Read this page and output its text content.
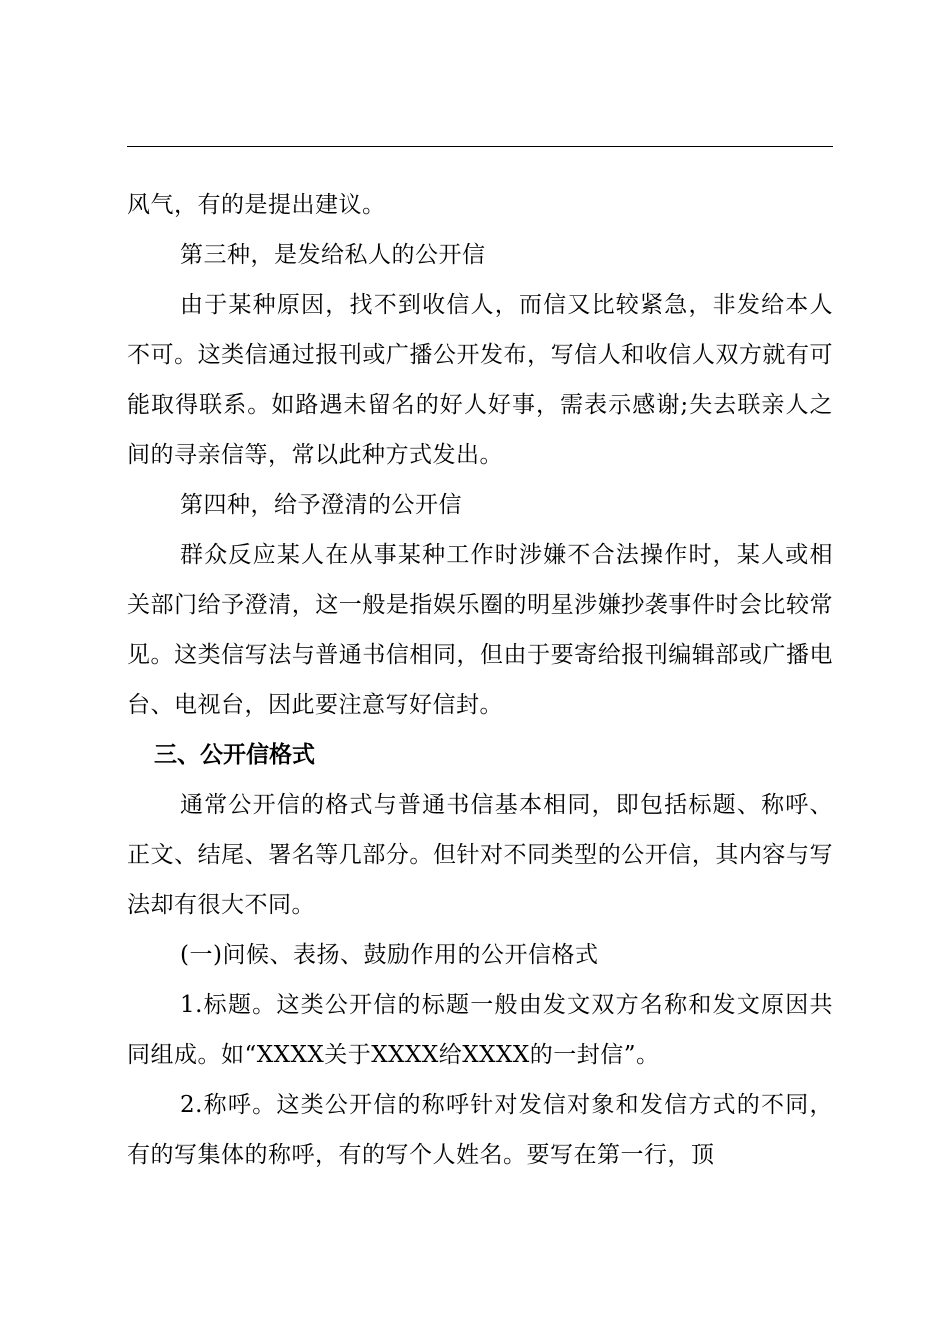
风气，有的是提出建议。

第三种，是发给私人的公开信

由于某种原因，找不到收信人，而信又比较紧急，非发给本人不可。这类信通过报刊或广播公开发布，写信人和收信人双方就有可能取得联系。如路遇未留名的好人好事，需表示感谢;失去联亲人之间的寻亲信等，常以此种方式发出。

第四种，给予澄清的公开信

群众反应某人在从事某种工作时涉嫌不合法操作时，某人或相关部门给予澄清，这一般是指娱乐圈的明星涉嫌抄袭事件时会比较常见。这类信写法与普通书信相同，但由于要寄给报刊编辑部或广播电台、电视台，因此要注意写好信封。

三、公开信格式

通常公开信的格式与普通书信基本相同，即包括标题、称呼、正文、结尾、署名等几部分。但针对不同类型的公开信，其内容与写法却有很大不同。

(一)问候、表扬、鼓励作用的公开信格式

1.标题。这类公开信的标题一般由发文双方名称和发文原因共同组成。如“XXXX关于XXXX给XXXX的一封信”。

2.称呼。这类公开信的称呼针对发信对象和发信方式的不同，有的写集体的称呼，有的写个人姓名。要写在第一行，顶
